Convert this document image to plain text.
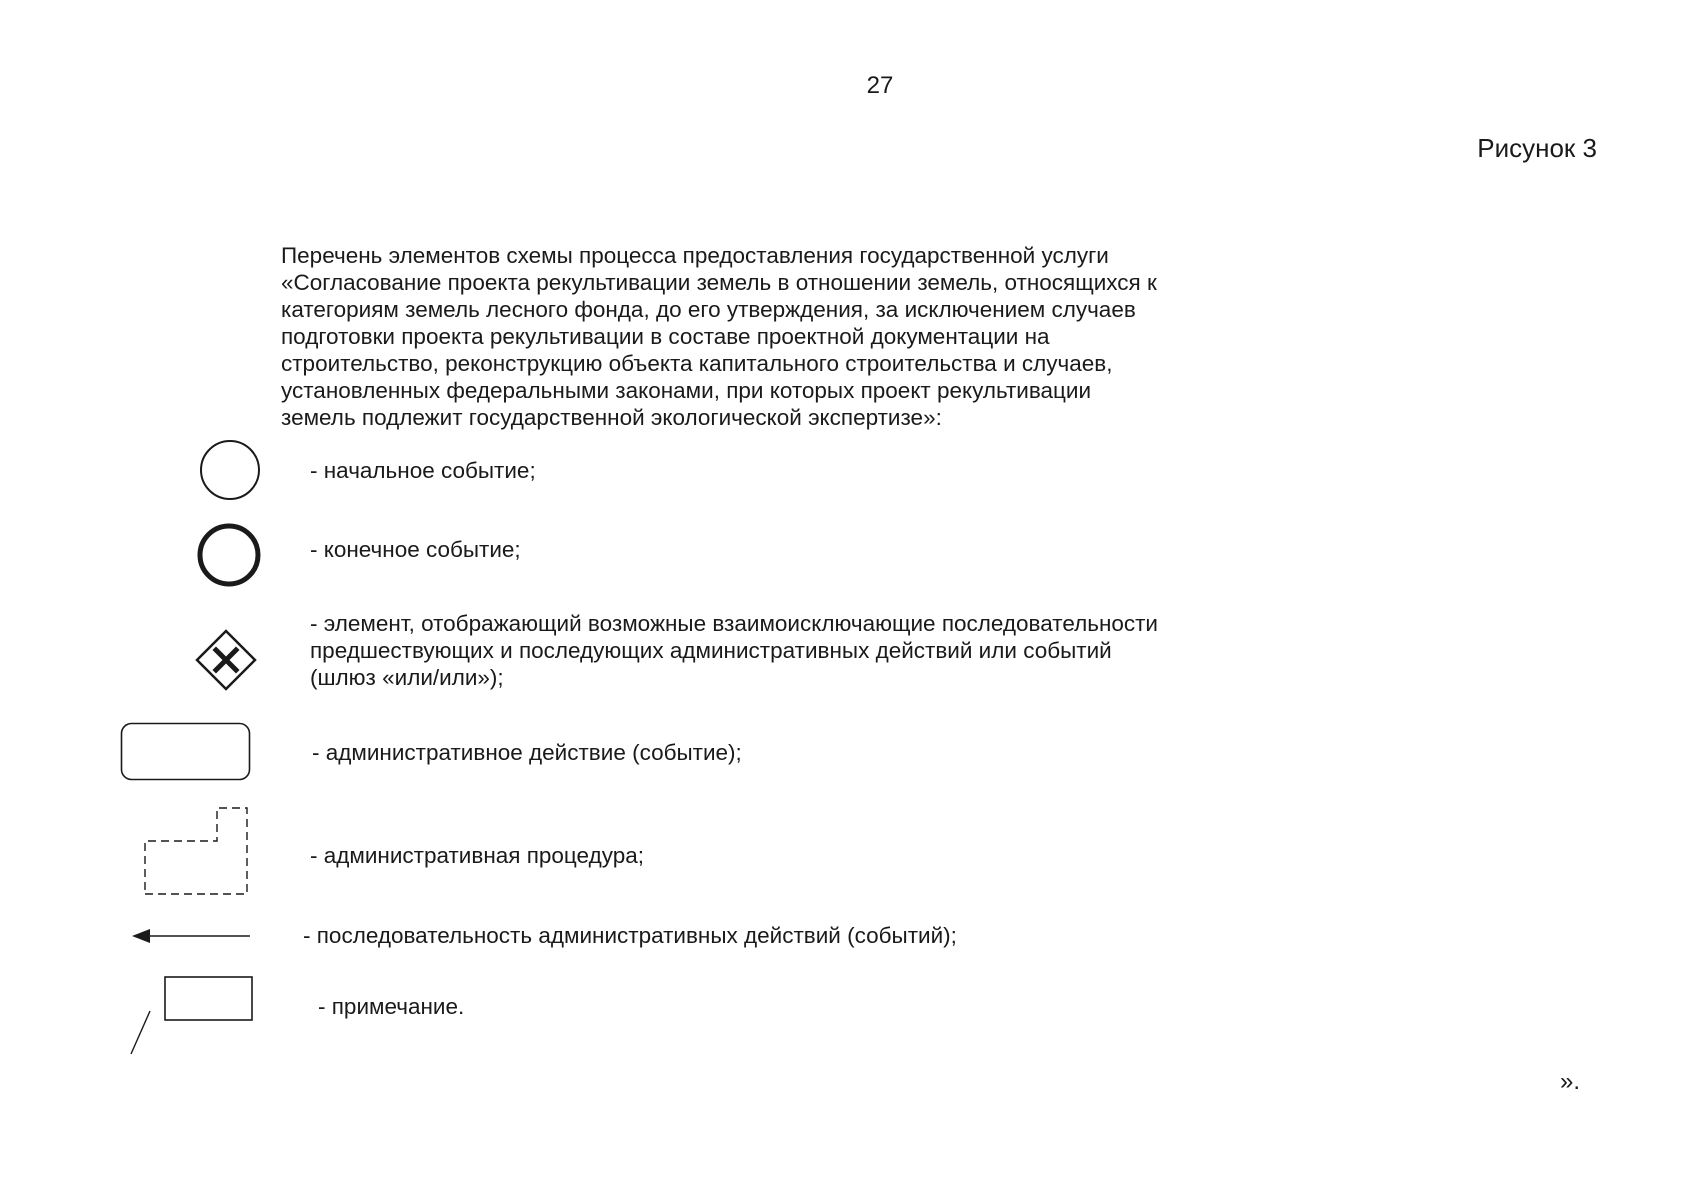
27
Рисунок 3
Перечень элементов схемы процесса предоставления государственной услуги
«Согласование проекта рекультивации земель в отношении земель, относящихся к
категориям земель лесного фонда, до его утверждения, за исключением случаев
подготовки проекта рекультивации в составе проектной документации на
строительство, реконструкцию объекта капитального строительства и случаев,
установленных федеральными законами, при которых проект рекультивации
земель подлежит государственной экологической экспертизе»:
- начальное событие;
- конечное событие;
- элемент, отображающий возможные взаимоисключающие последовательности
предшествующих и последующих административных действий или событий
(шлюз «или/или»);
- административное действие (событие);
- административная процедура;
- последовательность административных действий (событий);
- примечание.
».
